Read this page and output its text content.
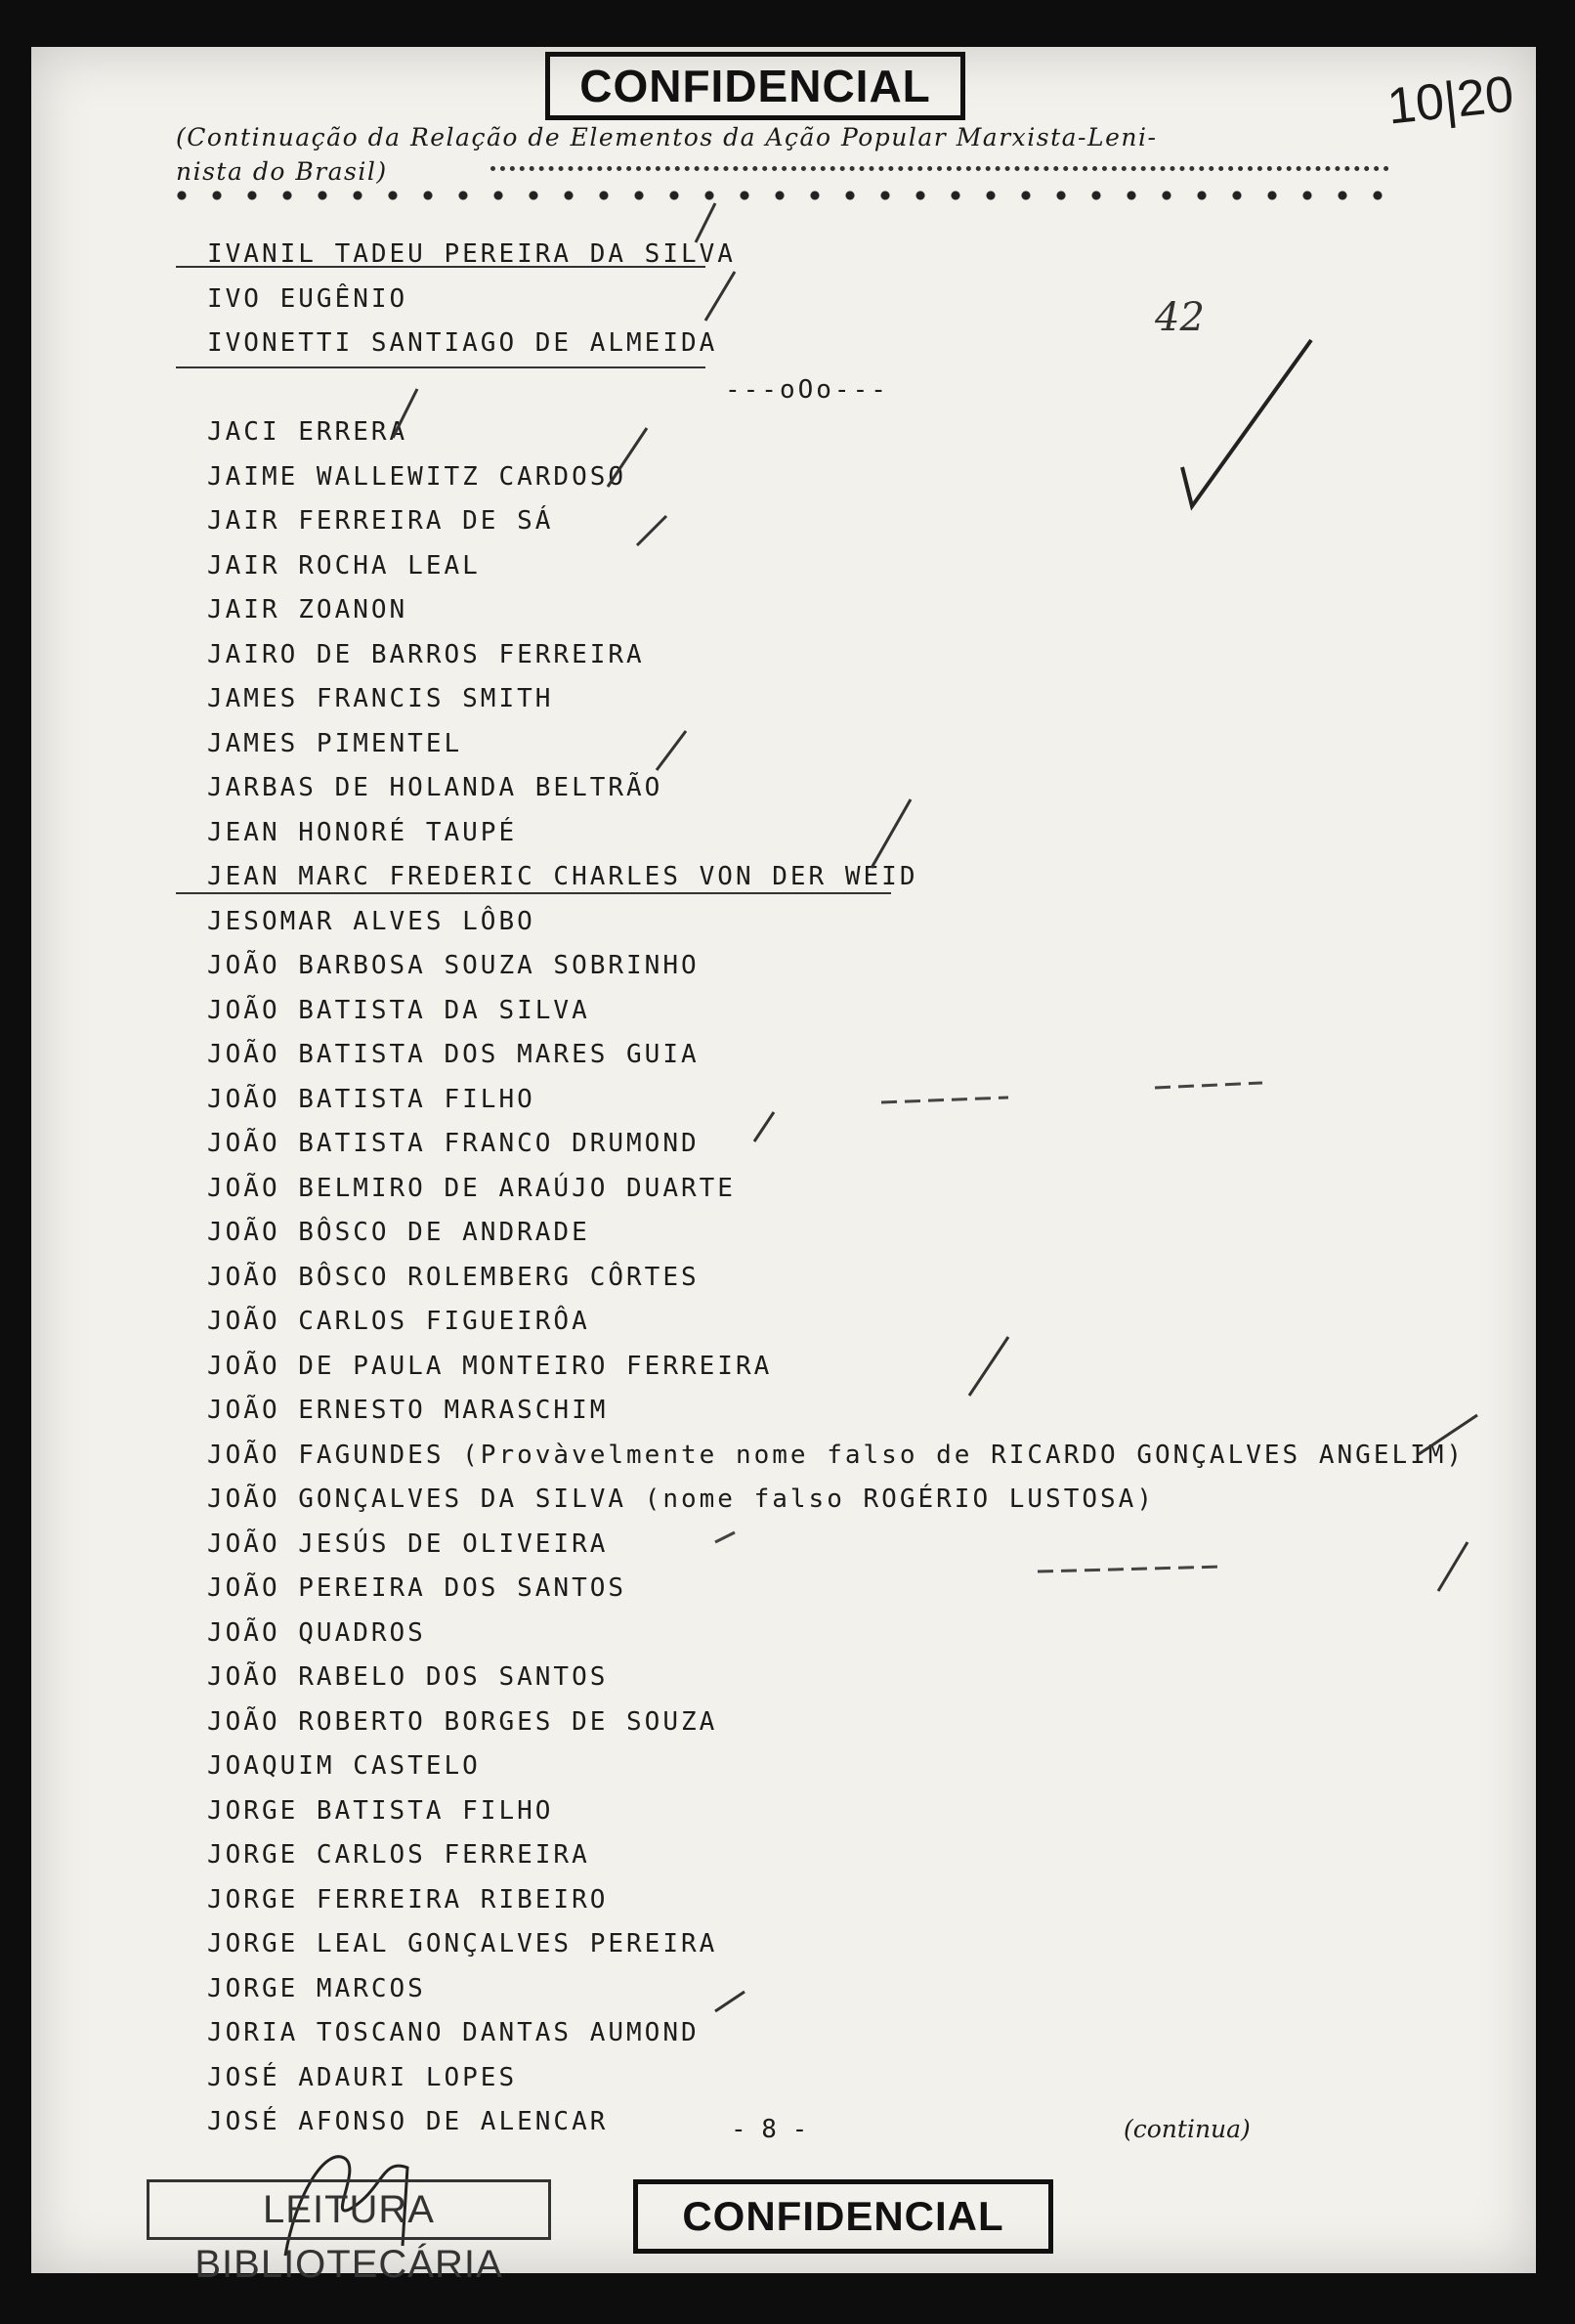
CONFIDENCIAL	10|20
(Continuação da Relação de Elementos da Ação Popular Marxista-Leni-
nista do Brasil)
IVANIL TADEU PEREIRA DA SILVA
IVO EUGÊNIO
IVONETTI SANTIAGO DE ALMEIDA
JACI ERRERA
JAIME WALLEWITZ CARDOSO
JAIR FERREIRA DE SÁ
JAIR ROCHA LEAL
JAIR ZOANON
JAIRO DE BARROS FERREIRA
JAMES FRANCIS SMITH
JAMES PIMENTEL
JARBAS DE HOLANDA BELTRÃO
JEAN HONORÉ TAUPÉ
JEAN MARC FREDERIC CHARLES VON DER WEID
JESOMAR ALVES LÔBO
JOÃO BARBOSA SOUZA SOBRINHO
JOÃO BATISTA DA SILVA
JOÃO BATISTA DOS MARES GUIA
JOÃO BATISTA FILHO
JOÃO BATISTA FRANCO DRUMOND
JOÃO BELMIRO DE ARAÚJO DUARTE
JOÃO BÔSCO DE ANDRADE
JOÃO BÔSCO ROLEMBERG CÔRTES
JOÃO CARLOS FIGUEIRÔA
JOÃO DE PAULA MONTEIRO FERREIRA
JOÃO ERNESTO MARASCHIM
JOÃO FAGUNDES (Provàvelmente nome falso de RICARDO GONÇALVES ANGELIM)
JOÃO GONÇALVES DA SILVA (nome falso ROGÉRIO LUSTOSA)
JOÃO JESÚS DE OLIVEIRA
JOÃO PEREIRA DOS SANTOS
JOÃO QUADROS
JOÃO RABELO DOS SANTOS
JOÃO ROBERTO BORGES DE SOUZA
JOAQUIM CASTELO
JORGE BATISTA FILHO
JORGE CARLOS FERREIRA
JORGE FERREIRA RIBEIRO
JORGE LEAL GONÇALVES PEREIRA
JORGE MARCOS
JORIA TOSCANO DANTAS AUMOND
JOSÉ ADAURI LOPES
JOSÉ AFONSO DE ALENCAR
---oOo---
42
- 8 -	(continua)
LEITURA BIBLIOTECÁRIA
CONFIDENCIAL
